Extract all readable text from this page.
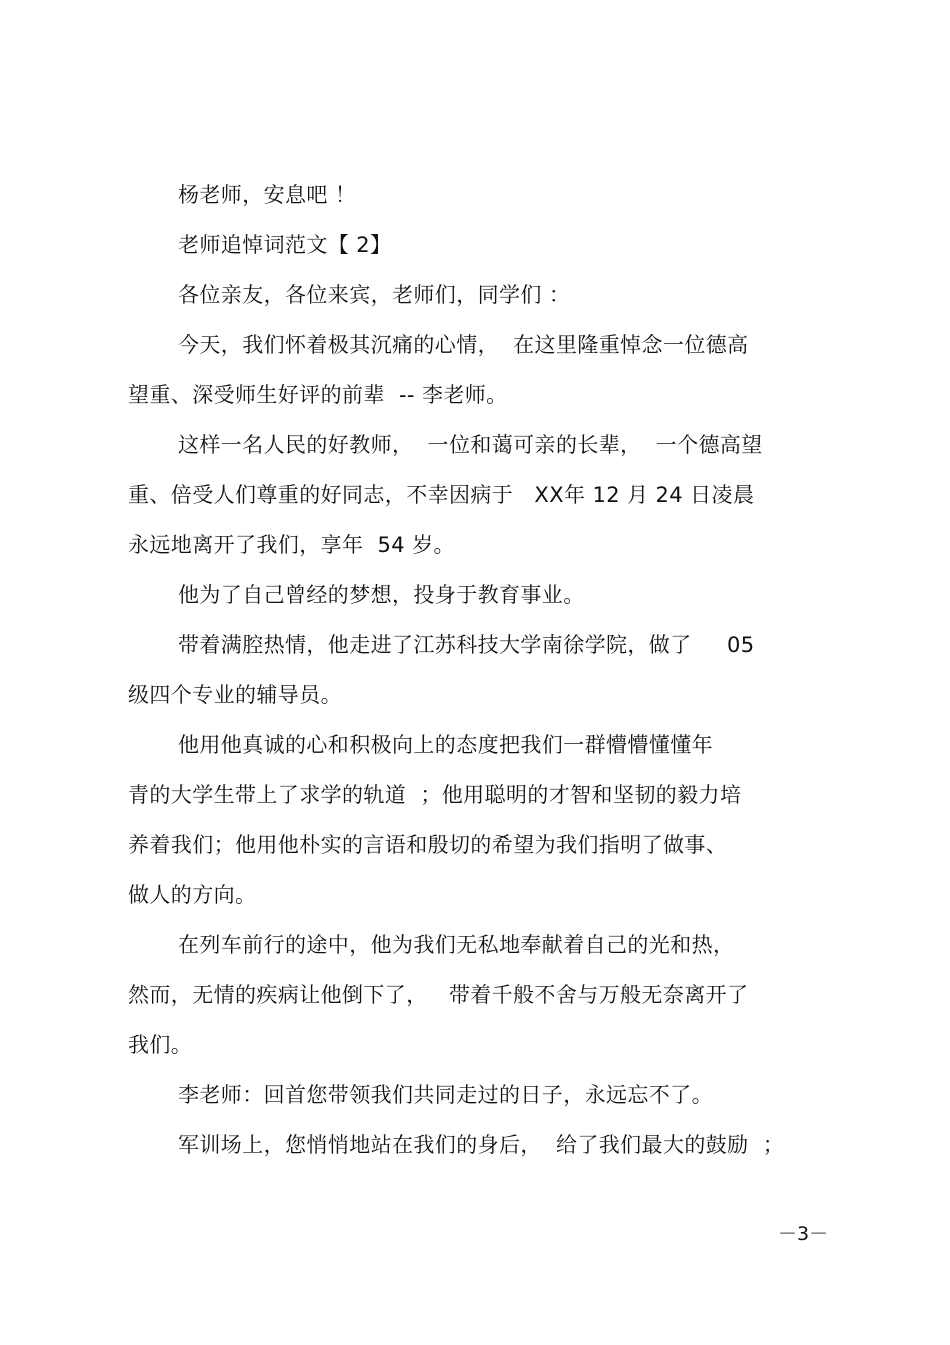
杨老师，安息吧 ！
老师追悼词范文【 2】
各位亲友，各位来宾，老师们，同学们 ：
今天，我们怀着极其沉痛的心情，  在这里隆重悼念一位德高
望重、深受师生好评的前辈  -- 李老师。
这样一名人民的好教师，  一位和蔼可亲的长辈，  一个德高望
重、倍受人们尊重的好同志，不幸因病于   XX年 12 月 24 日凌晨
永远地离开了我们，享年  54 岁。
他为了自己曾经的梦想，投身于教育事业。
带着满腔热情，他走进了江苏科技大学南徐学院，做了     05
级四个专业的辅导员。
他用他真诚的心和积极向上的态度把我们一群懵懵懂懂年
青的大学生带上了求学的轨道  ；他用聪明的才智和坚韧的毅力培
养着我们；他用他朴实的言语和殷切的希望为我们指明了做事、
做人的方向。
在列车前行的途中，他为我们无私地奉献着自己的光和热，
然而，无情的疾病让他倒下了，   带着千般不舍与万般无奈离开了
我们。
李老师：回首您带领我们共同走过的日子，永远忘不了。
军训场上，您悄悄地站在我们的身后，  给了我们最大的鼓励  ；
－3－
